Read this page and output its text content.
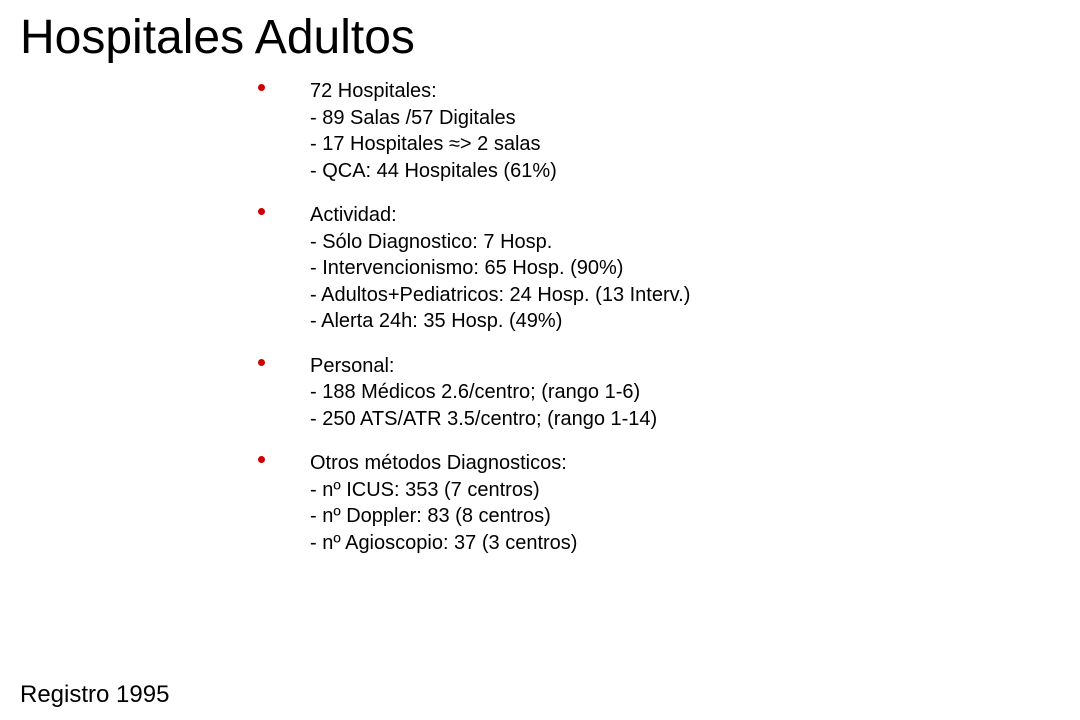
Hospitales Adultos
72 Hospitales:
- 89 Salas /57 Digitales
- 17 Hospitales ≈> 2 salas
- QCA: 44 Hospitales (61%)
Actividad:
- Sólo Diagnostico: 7 Hosp.
- Intervencionismo: 65 Hosp. (90%)
- Adultos+Pediatricos: 24 Hosp. (13 Interv.)
- Alerta 24h: 35 Hosp. (49%)
Personal:
- 188 Médicos 2.6/centro; (rango 1-6)
- 250 ATS/ATR 3.5/centro; (rango 1-14)
Otros métodos Diagnosticos:
- nº ICUS: 353 (7 centros)
- nº Doppler: 83 (8 centros)
- nº Agioscopio: 37 (3 centros)
Registro 1995
